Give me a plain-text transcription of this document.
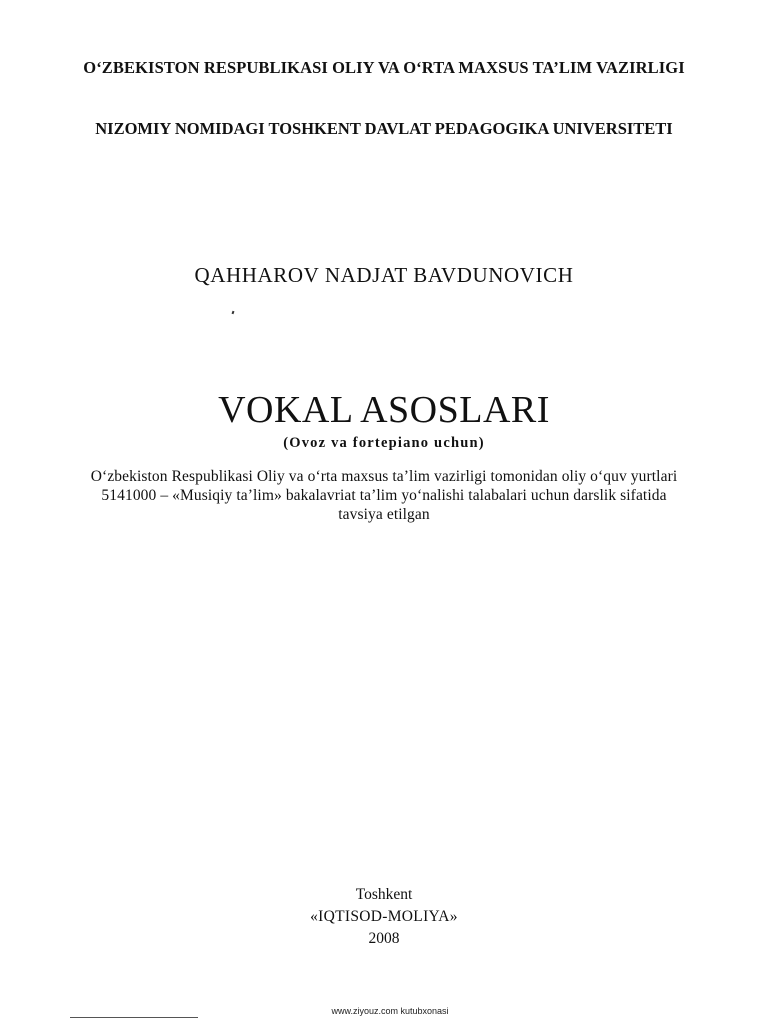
O‘ZBEKISTON RESPUBLIKASI OLIY VA O‘RTA MAXSUS TA’LIM VAZIRLIGI
NIZOMIY NOMIDAGI TOSHKENT DAVLAT PEDAGOGIKA UNIVERSITETI
QAHHAROV NADJAT BAVDUNOVICH
VOKAL ASOSLARI
(Ovoz va fortepiano uchun)
O‘zbekiston Respublikasi Oliy va o‘rta maxsus ta’lim vazirligi tomonidan oliy o‘quv yurtlari 5141000 – «Musiqiy ta’lim» bakalavriat ta’lim yo‘nalishi talabalari uchun darslik sifatida tavsiya etilgan
Toshkent
«IQTISOD-MOLIYA»
2008
www.ziyouz.com kutubxonasi
